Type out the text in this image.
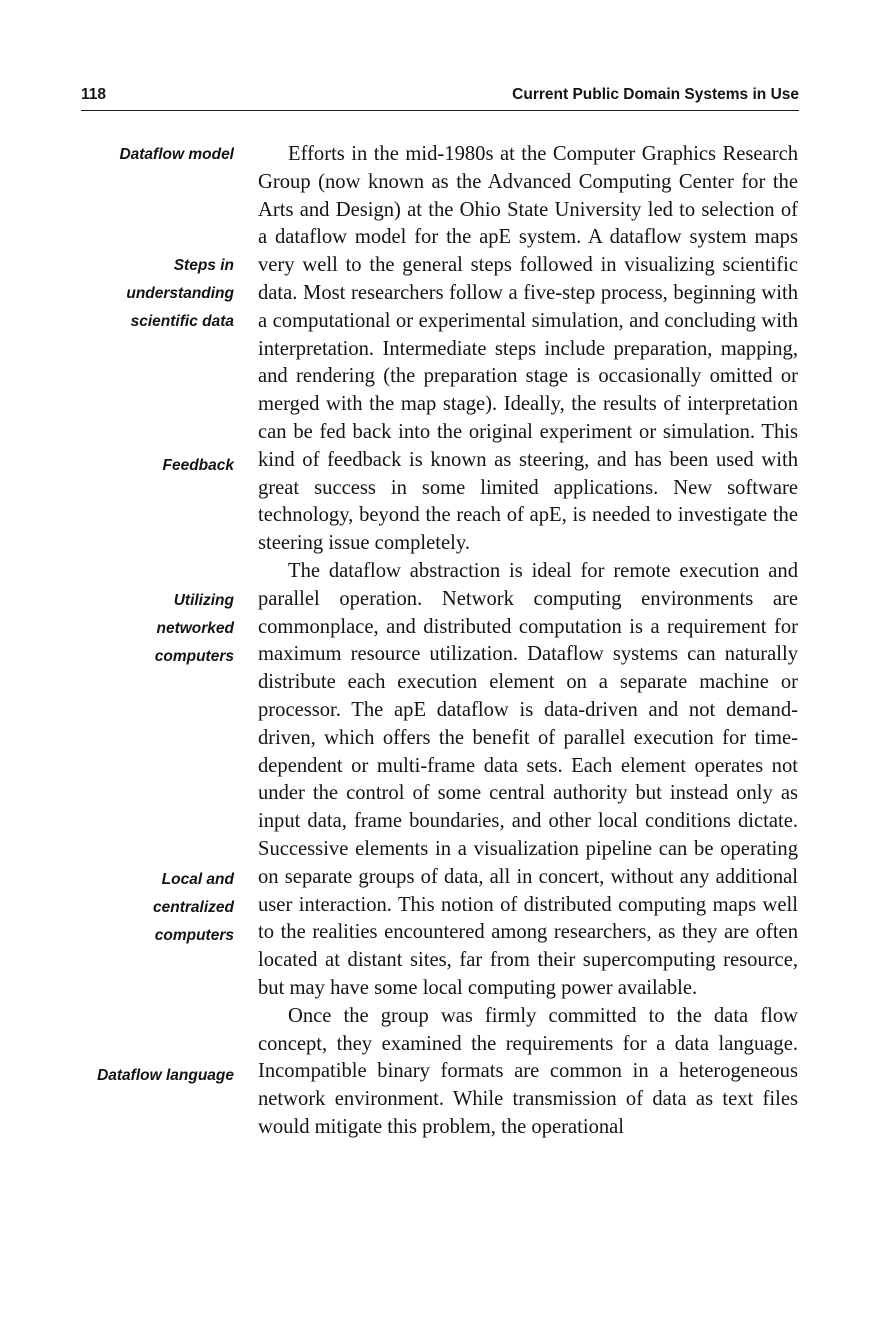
118	Current Public Domain Systems in Use
Dataflow model
Steps in
understanding
scientific data
Feedback
Utilizing
networked
computers
Local and
centralized
computers
Dataflow language

Efforts in the mid-1980s at the Computer Graphics Research Group (now known as the Advanced Computing Center for the Arts and Design) at the Ohio State University led to selection of a dataflow model for the apE system. A dataflow system maps very well to the general steps followed in visualizing scientific data. Most researchers follow a five-step process, beginning with a computational or experimental simulation, and concluding with interpretation. Intermediate steps include preparation, mapping, and rendering (the preparation stage is occasionally omitted or merged with the map stage). Ideally, the results of interpretation can be fed back into the original experiment or simulation. This kind of feedback is known as steering, and has been used with great success in some limited applications. New software technology, beyond the reach of apE, is needed to investigate the steering issue completely.

The dataflow abstraction is ideal for remote execution and parallel operation. Network computing environments are commonplace, and distributed computation is a requirement for maximum resource utilization. Dataflow systems can naturally distribute each execution element on a separate machine or processor. The apE dataflow is data-driven and not demand-driven, which offers the benefit of parallel execution for time-dependent or multi-frame data sets. Each element operates not under the control of some central authority but instead only as input data, frame boundaries, and other local conditions dictate. Successive elements in a visualization pipeline can be operating on separate groups of data, all in concert, without any additional user interaction. This notion of distributed computing maps well to the realities encountered among researchers, as they are often located at distant sites, far from their supercomputing resource, but may have some local computing power available.

Once the group was firmly committed to the data flow concept, they examined the requirements for a data language. Incompatible binary formats are common in a heterogeneous network environment. While transmission of data as text files would mitigate this problem, the operational
